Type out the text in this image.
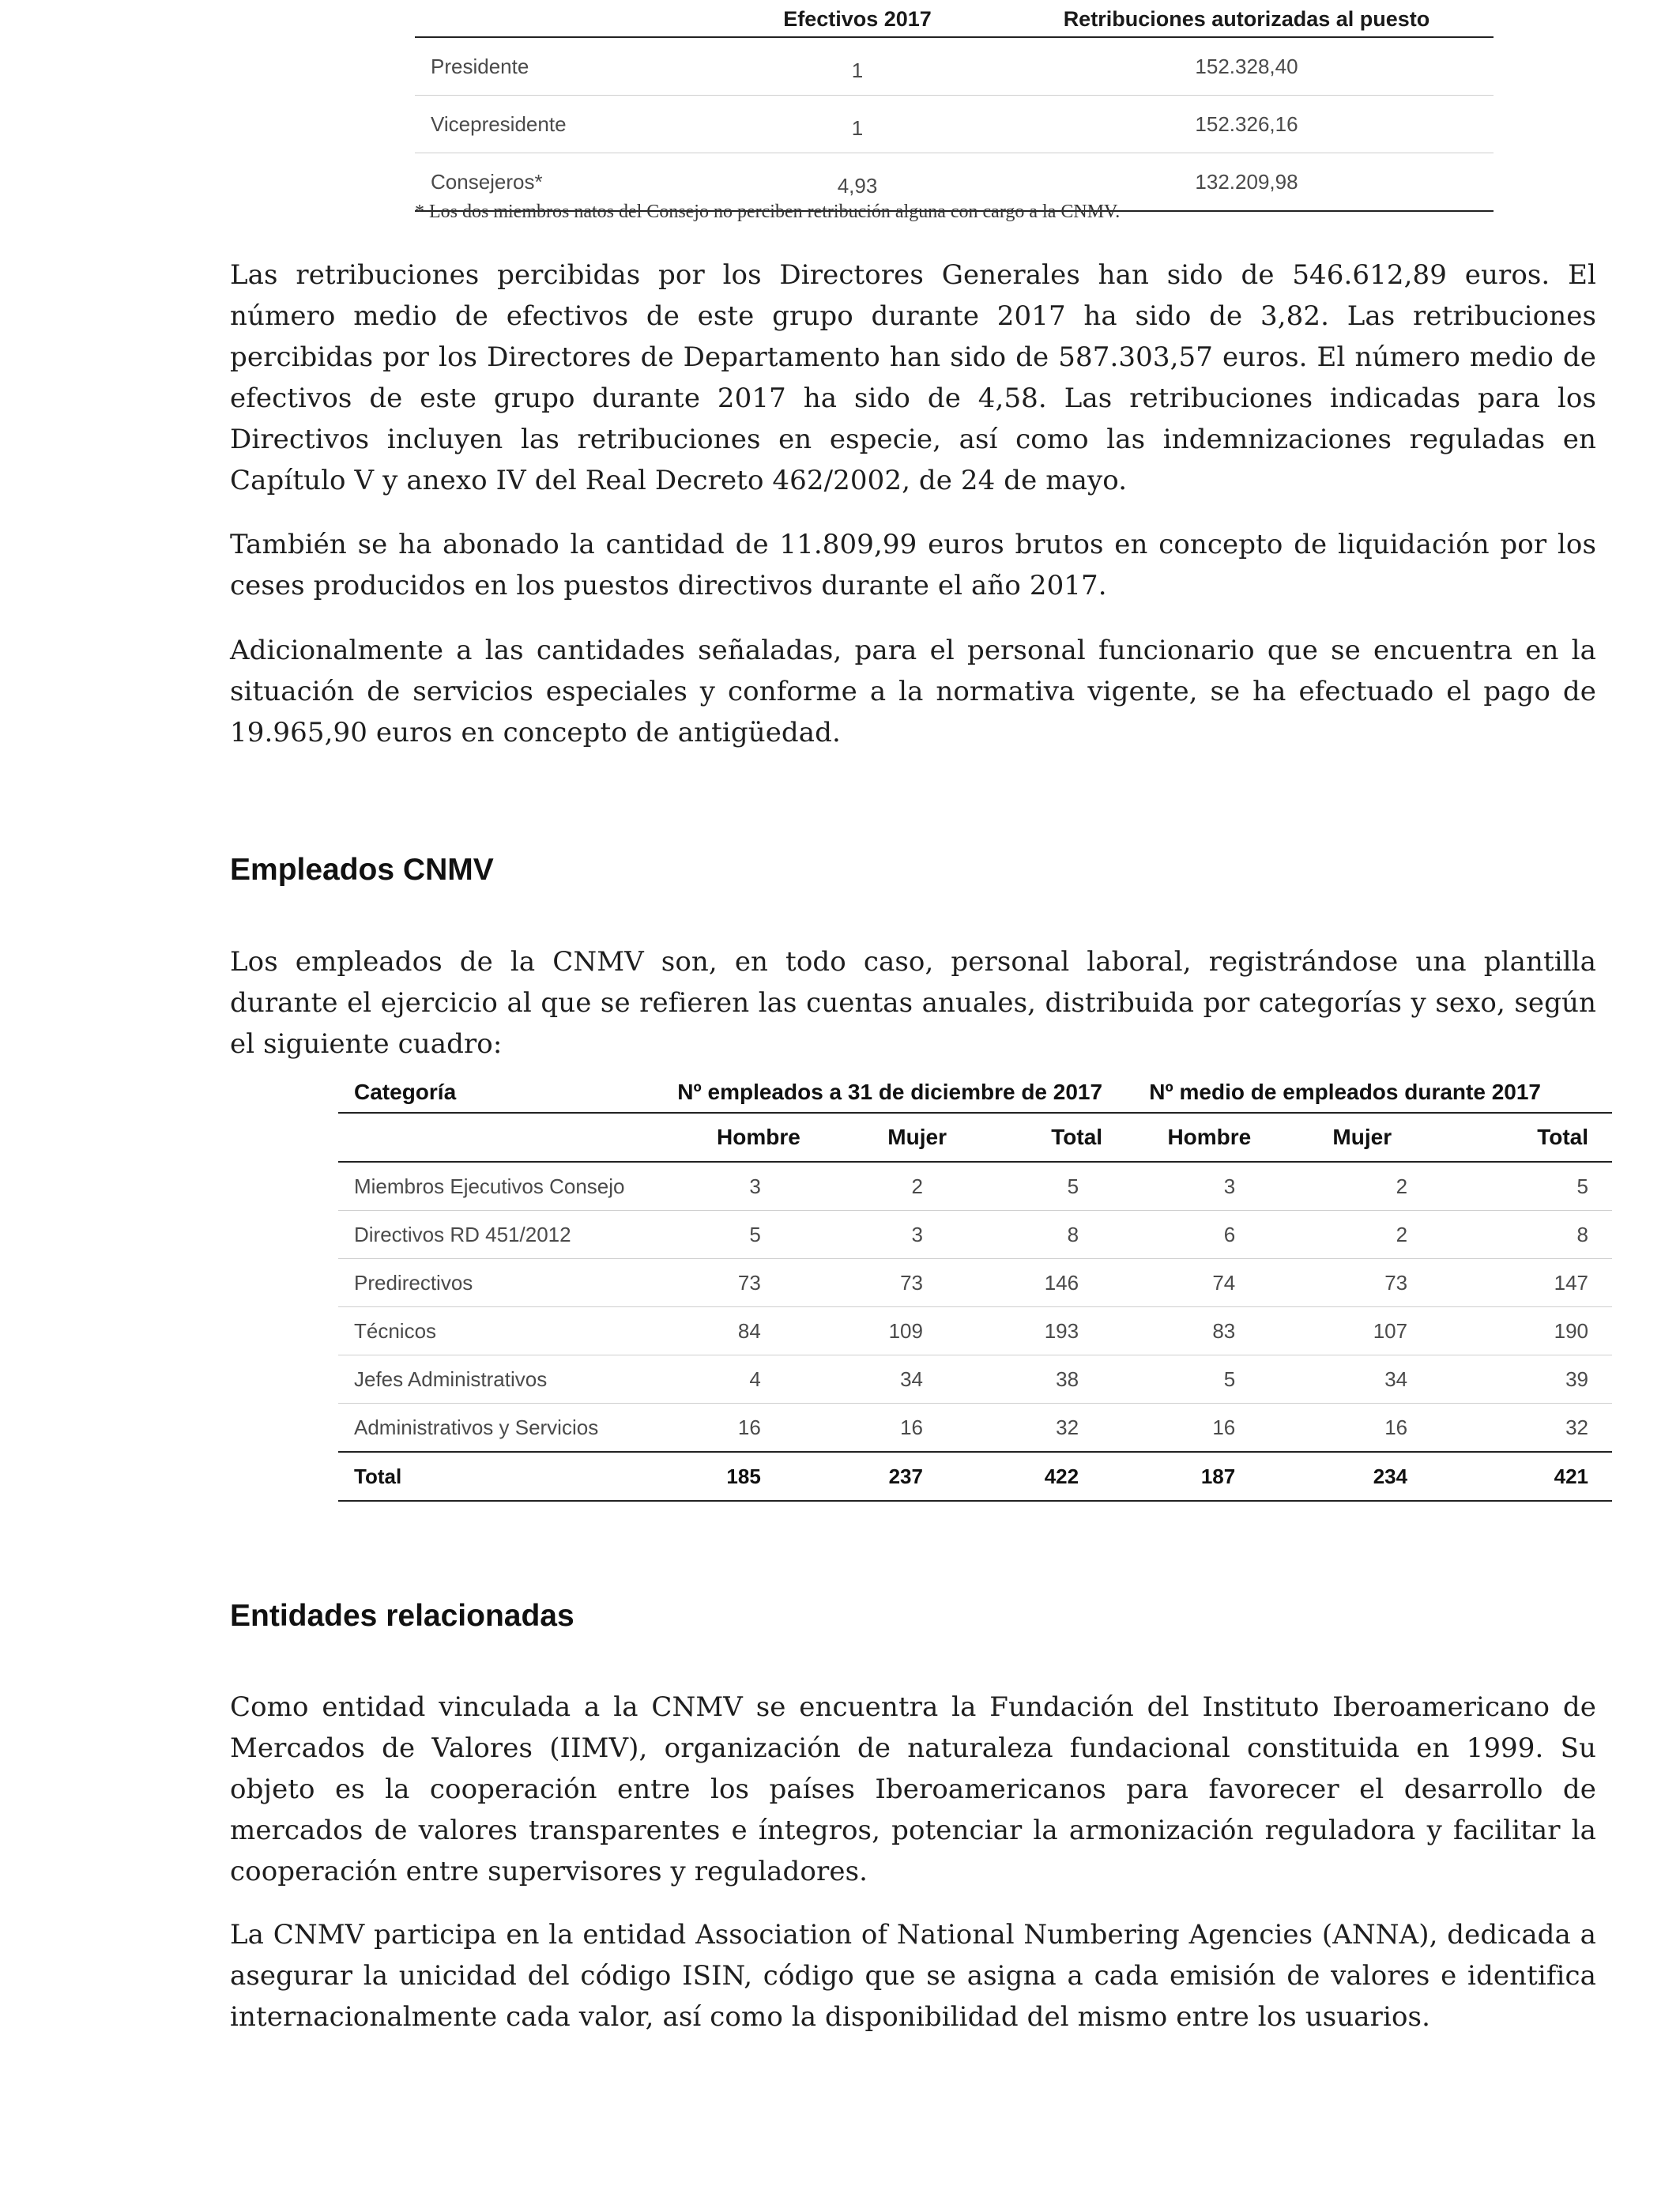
	Efectivos 2017	Retribuciones autorizadas al puesto
Presidente	1	152.328,40
Vicepresidente	1	152.326,16
Consejeros*	4,93	132.209,98
* Los dos miembros natos del Consejo no perciben retribución alguna con cargo a la CNMV.

Las retribuciones percibidas por los Directores Generales han sido de 546.612,89 euros. El número medio de efectivos de este grupo durante 2017 ha sido de 3,82. Las retribuciones percibidas por los Directores de Departamento han sido de 587.303,57 euros. El número medio de efectivos de este grupo durante 2017 ha sido de 4,58. Las retribuciones indicadas para los Directivos incluyen las retribuciones en especie, así como las indemnizaciones reguladas en Capítulo V y anexo IV del Real Decreto 462/2002, de 24 de mayo.

También se ha abonado la cantidad de 11.809,99 euros brutos en concepto de liquidación por los ceses producidos en los puestos directivos durante el año 2017.

Adicionalmente a las cantidades señaladas, para el personal funcionario que se encuentra en la situación de servicios especiales y conforme a la normativa vigente, se ha efectuado el pago de 19.965,90 euros en concepto de antigüedad.

Empleados CNMV

Los empleados de la CNMV son, en todo caso, personal laboral, registrándose una plantilla durante el ejercicio al que se refieren las cuentas anuales, distribuida por categorías y sexo, según el siguiente cuadro:

Categoría	Nº empleados a 31 de diciembre de 2017			Nº medio de empleados durante 2017		
	Hombre	Mujer	Total	Hombre	Mujer	Total
Miembros Ejecutivos Consejo	3	2	5	3	2	5
Directivos RD 451/2012	5	3	8	6	2	8
Predirectivos	73	73	146	74	73	147
Técnicos	84	109	193	83	107	190
Jefes Administrativos	4	34	38	5	34	39
Administrativos y Servicios	16	16	32	16	16	32
Total	185	237	422	187	234	421
Entidades relacionadas

Como entidad vinculada a la CNMV se encuentra la Fundación del Instituto Iberoamericano de Mercados de Valores (IIMV), organización de naturaleza fundacional constituida en 1999. Su objeto es la cooperación entre los países Iberoamericanos para favorecer el desarrollo de mercados de valores transparentes e íntegros, potenciar la armonización reguladora y facilitar la cooperación entre supervisores y reguladores.

La CNMV participa en la entidad Association of National Numbering Agencies (ANNA), dedicada a asegurar la unicidad del código ISIN, código que se asigna a cada emisión de valores e identifica internacionalmente cada valor, así como la disponibilidad del mismo entre los usuarios.
